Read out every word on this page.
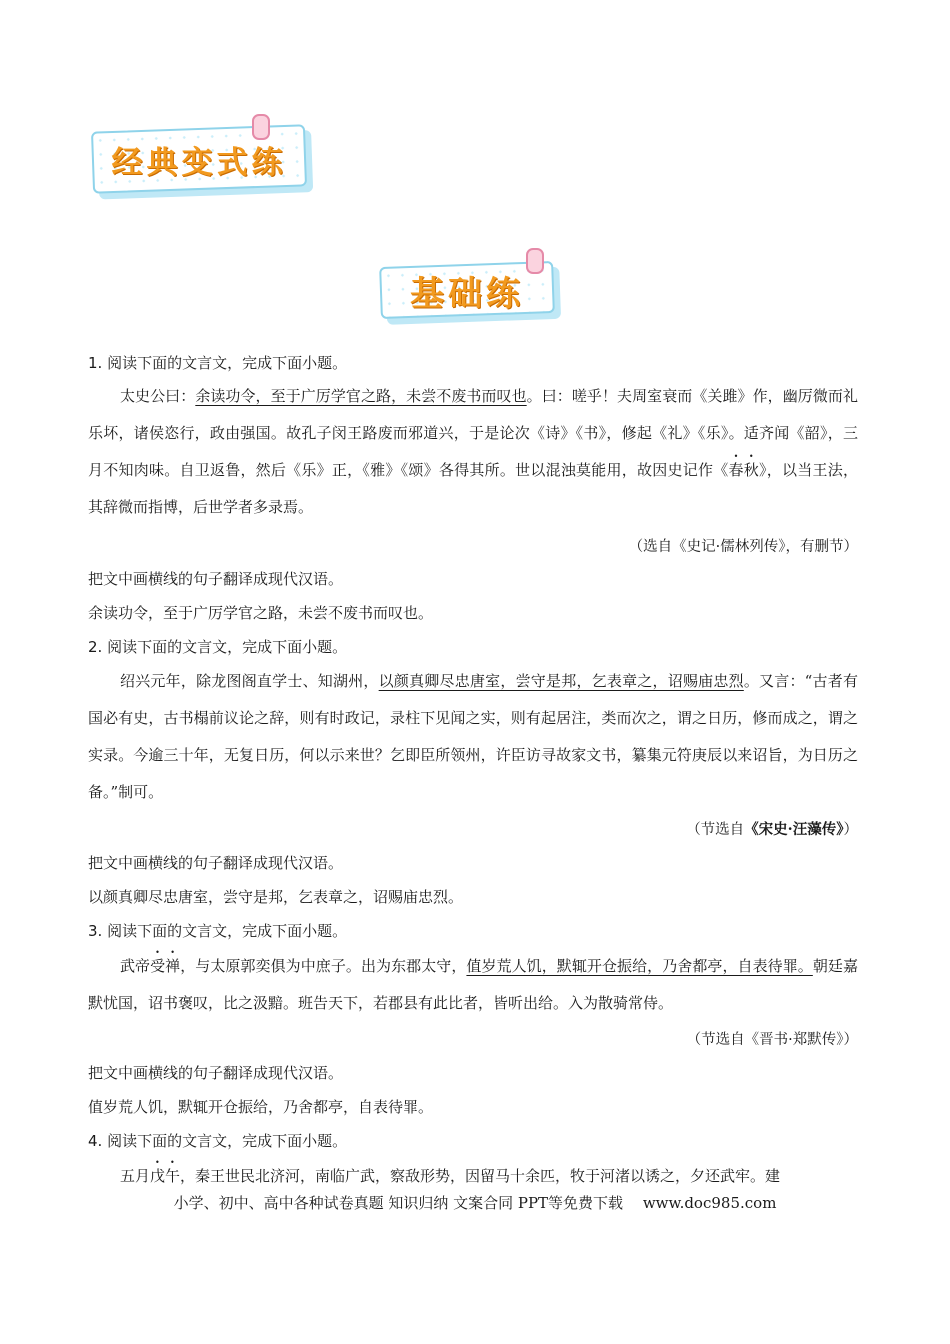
经典变式练
基础练
1. 阅读下面的文言文，完成下面小题。
太史公曰：余读功令，至于广厉学官之路，未尝不废书而叹也。曰：嗟乎！夫周室衰而《关雎》作，幽厉微而礼乐坏，诸侯恣行，政由强国。故孔子闵王路废而邪道兴，于是论次《诗》《书》，修起《礼》《乐》。适齐闻《韶》，三月不知肉味。自卫返鲁，然后《乐》正，《雅》《颂》各得其所。世以混浊莫能用，故因史记作《春秋》，以当王法，其辞微而指博，后世学者多录焉。
（选自《史记·儒林列传》，有删节）
把文中画横线的句子翻译成现代汉语。
余读功令，至于广厉学官之路，未尝不废书而叹也。
2. 阅读下面的文言文，完成下面小题。
绍兴元年，除龙图阁直学士、知湖州，以颜真卿尽忠唐室，尝守是邦，乞表章之，诏赐庙忠烈。又言：“古者有国必有史，古书榻前议论之辞，则有时政记，录柱下见闻之实，则有起居注，类而次之，谓之日历，修而成之，谓之实录。今逾三十年，无复日历，何以示来世？乞即臣所领州，许臣访寻故家文书，纂集元符庚辰以来诏旨，为日历之备。”制可。
（节选自《宋史·汪藻传》）
把文中画横线的句子翻译成现代汉语。
以颜真卿尽忠唐室，尝守是邦，乞表章之，诏赐庙忠烈。
3. 阅读下面的文言文，完成下面小题。
武帝受禅，与太原郭奕俱为中庶子。出为东郡太守，值岁荒人饥，默辄开仓振给，乃舍都亭，自表待罪。朝廷嘉默忧国，诏书褒叹，比之汲黯。班告天下，若郡县有此比者，皆听出给。入为散骑常侍。
（节选自《晋书·郑默传》）
把文中画横线的句子翻译成现代汉语。
值岁荒人饥，默辄开仓振给，乃舍都亭，自表待罪。
4. 阅读下面的文言文，完成下面小题。
五月戊午，秦王世民北济河，南临广武，察敌形势，因留马十余匹，牧于河渚以诱之，夕还武牢。建
小学、初中、高中各种试卷真题 知识归纳 文案合同 PPT等免费下载　 www.doc985.com
